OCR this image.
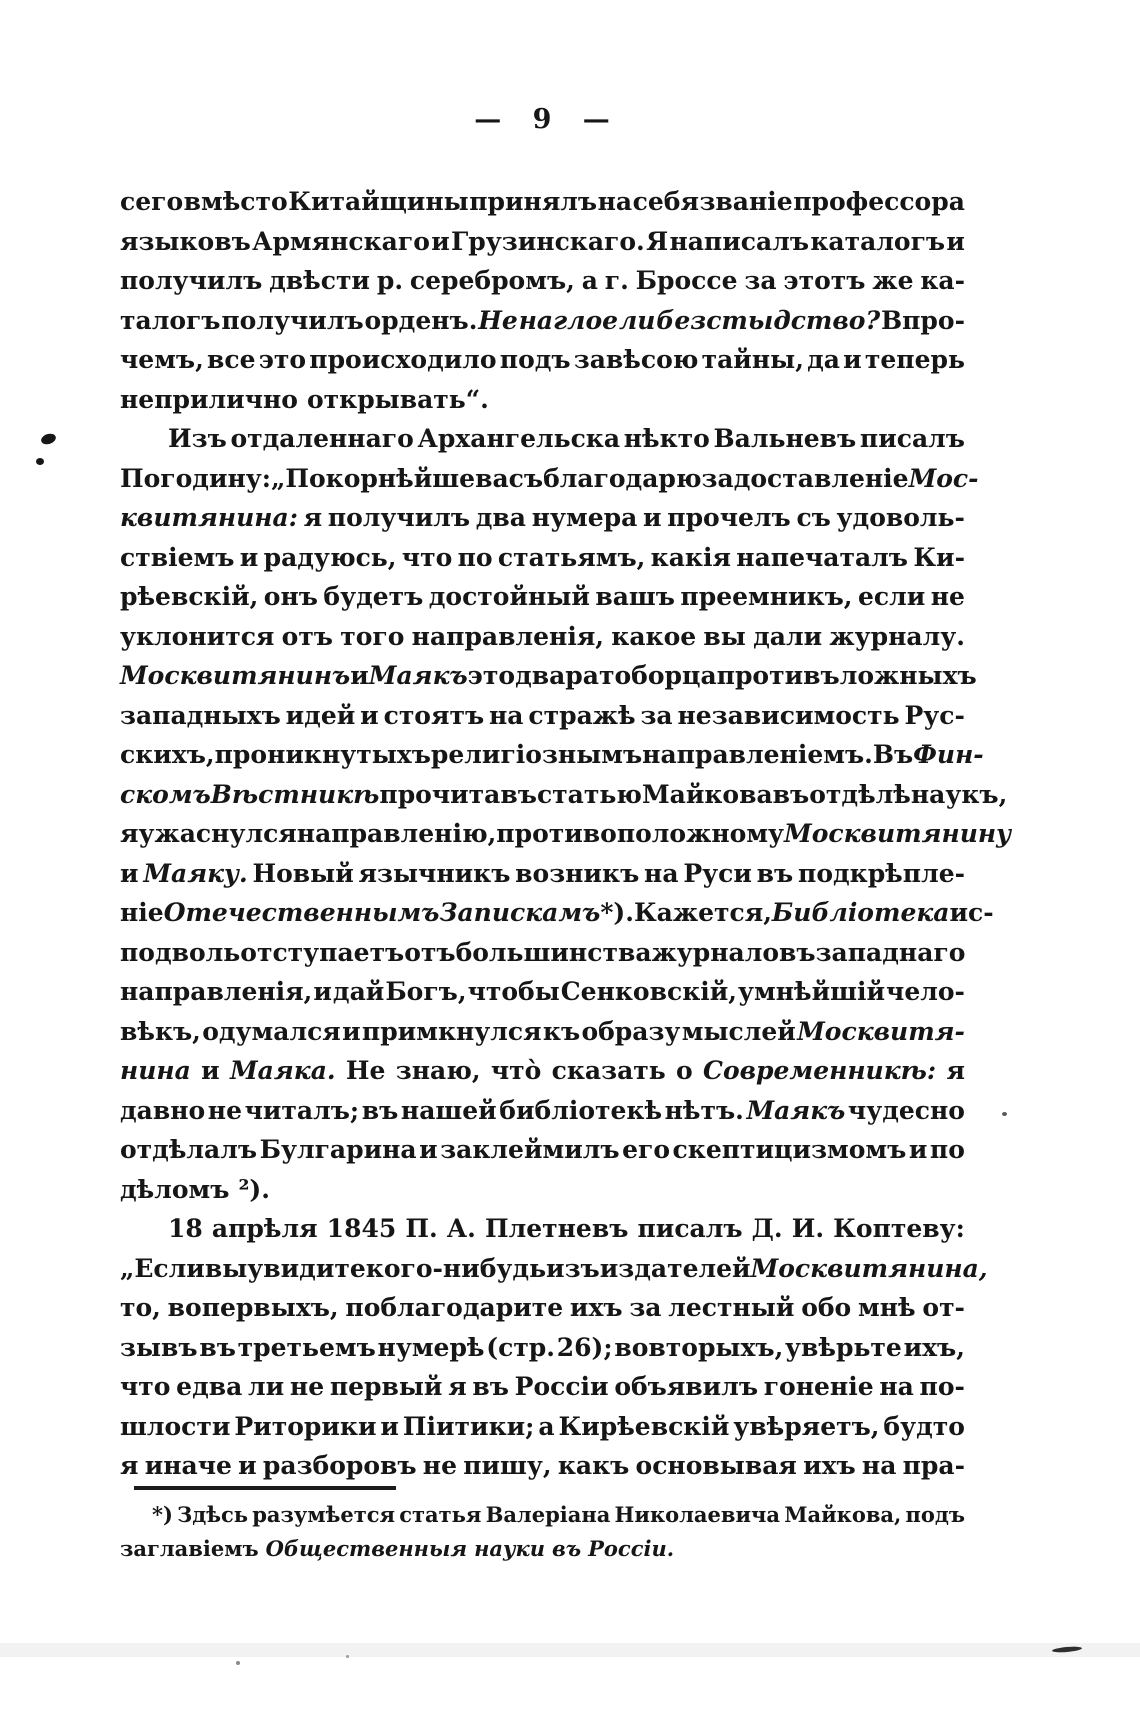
— 9 —
сего вмѣсто Китайщины принялъ на себя званіе профессора
языковъ Армянскаго и Грузинскаго. Я написалъ каталогъ и
получилъ двѣсти р. серебромъ, а г. Броссе за этотъ же ка-
талогъ получилъ орденъ. Не наглое ли безстыдство? Впро-
чемъ, все это происходило подъ завѣсою тайны, да и теперь
неприлично открывать“.
Изъ отдаленнаго Архангельска нѣкто Вальневъ писалъ
Погодину: „Покорнѣйше васъ благодарю за доставленіе Мос-
квитянина: я получилъ два нумера и прочелъ съ удоволь-
ствіемъ и радуюсь, что по статьямъ, какія напечаталъ Ки-
рѣевскій, онъ будетъ достойный вашъ преемникъ, если не
уклонится отъ того направленія, какое вы дали журналу.
Москвитянинъ и Маякъ это два ратоборца противъ ложныхъ
западныхъ идей и стоятъ на стражѣ за независимость Рус-
скихъ, проникнутыхъ религіознымъ направленіемъ. Въ Фин-
скомъ Вѣстникѣ прочитавъ статью Майкова въ отдѣлѣ наукъ,
я ужаснулся направленію, противоположному Москвитянину
и Маяку. Новый язычникъ возникъ на Руси въ подкрѣпле-
ніе Отечественнымъ Запискамъ *). Кажется, Библіотека ис-
подволь отступаетъ отъ большинства журналовъ западнаго
направленія, и дай Богъ, чтобы Сенковскій, умнѣйшій чело-
вѣкъ, одумался и примкнулся къ образу мыслей Москвитя-
нина и Маяка. Не знаю, что̀ сказать о Современникѣ: я
давно не читалъ; въ нашей библіотекѣ нѣтъ. Маякъ чудесно
отдѣлалъ Булгарина и заклеймилъ его скептицизмомъ и по
дѣломъ ²).
18 апрѣля 1845 П. А. Плетневъ писалъ Д. И. Коптеву:
„Если вы увидите кого-нибудь изъ издателей Москвитянина,
то, вопервыхъ, поблагодарите ихъ за лестный обо мнѣ от-
зывъ въ третьемъ нумерѣ (стр. 26); вовторыхъ, увѣрьте ихъ,
что едва ли не первый я въ Россіи объявилъ гоненіе на по-
шлости Риторики и Піитики; а Кирѣевскій увѣряетъ, будто
я иначе и разборовъ не пишу, какъ основывая ихъ на пра-
*) Здѣсь разумѣется статья Валеріана Николаевича Майкова, подъ
заглавіемъ Общественныя науки въ Россіи.
